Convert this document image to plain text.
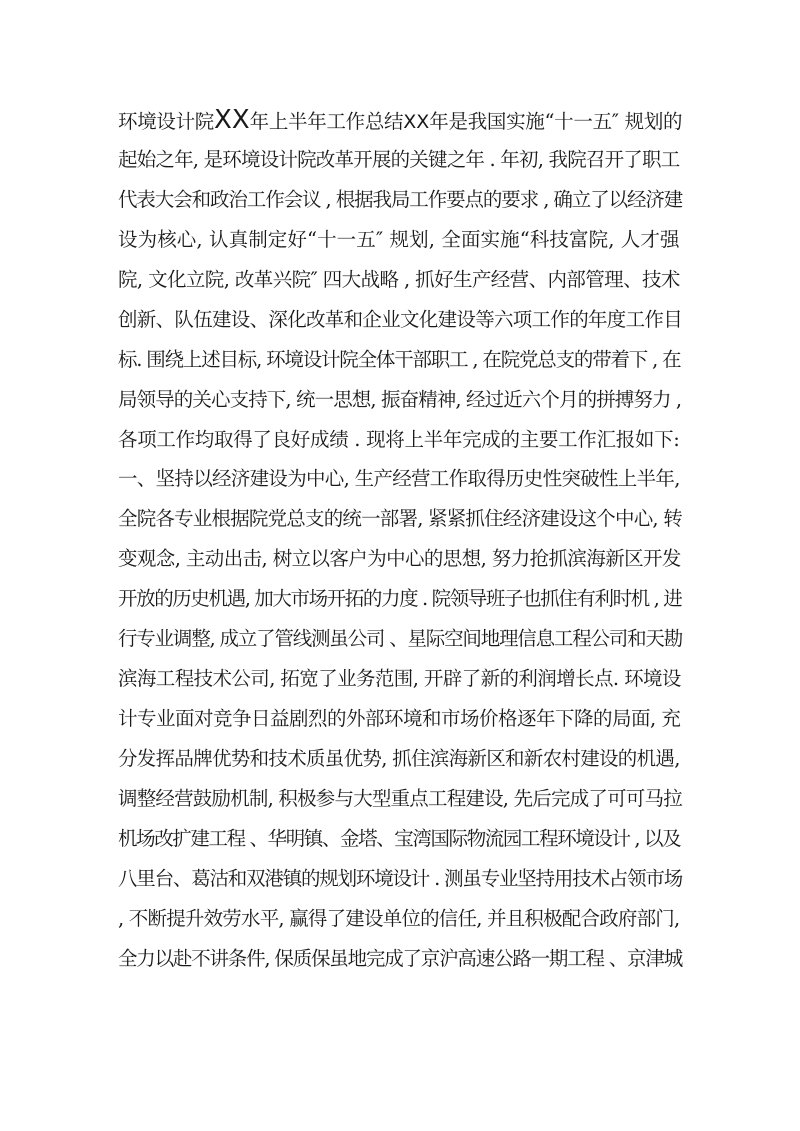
环境设计院XX年上半年工作总结XX年是我国实施“十一五″ 规划的
起始之年, 是环境设计院改革开展的关键之年 . 年初, 我院召开了职工
代表大会和政治工作会议 , 根据我局工作要点的要求 , 确立了以经济建
设为核心, 认真制定好“十一五″ 规划, 全面实施“科技富院, 人才强
院, 文化立院, 改革兴院″ 四大战略 , 抓好生产经营、内部管理、技术
创新、队伍建设、深化改革和企业文化建设等六项工作的年度工作目
标. 围绕上述目标, 环境设计院全体干部职工 , 在院党总支的带着下 , 在
局领导的关心支持下, 统一思想, 振奋精神, 经过近六个月的拼搏努力 ,
各项工作均取得了良好成绩 . 现将上半年完成的主要工作汇报如下:
一、坚持以经济建设为中心, 生产经营工作取得历史性突破性上半年,
全院各专业根据院党总支的统一部署, 紧紧抓住经济建设这个中心, 转
变观念, 主动出击, 树立以客户为中心的思想, 努力抢抓滨海新区开发
开放的历史机遇, 加大市场开拓的力度 . 院领导班子也抓住有利时机 , 进
行专业调整, 成立了管线测虽公司 、星际空间地理信息工程公司和天勘
滨海工程技术公司, 拓宽了业务范围, 开辟了新的利润增长点. 环境设
计专业面对竞争日益剧烈的外部环境和市场价格逐年下降的局面, 充
分发挥品牌优势和技术质虽优势, 抓住滨海新区和新农村建设的机遇,
调整经营鼓励机制, 积极参与大型重点工程建设, 先后完成了可可马拉
机场改扩建工程 、华明镇、金塔、宝湾国际物流园工程环境设计 , 以及
八里台、葛沽和双港镇的规划环境设计 . 测虽专业坚持用技术占领市场
, 不断提升效劳水平, 赢得了建设单位的信任, 并且积极配合政府部门,
全力以赴不讲条件, 保质保虽地完成了京沪高速公路一期工程 、京津城
